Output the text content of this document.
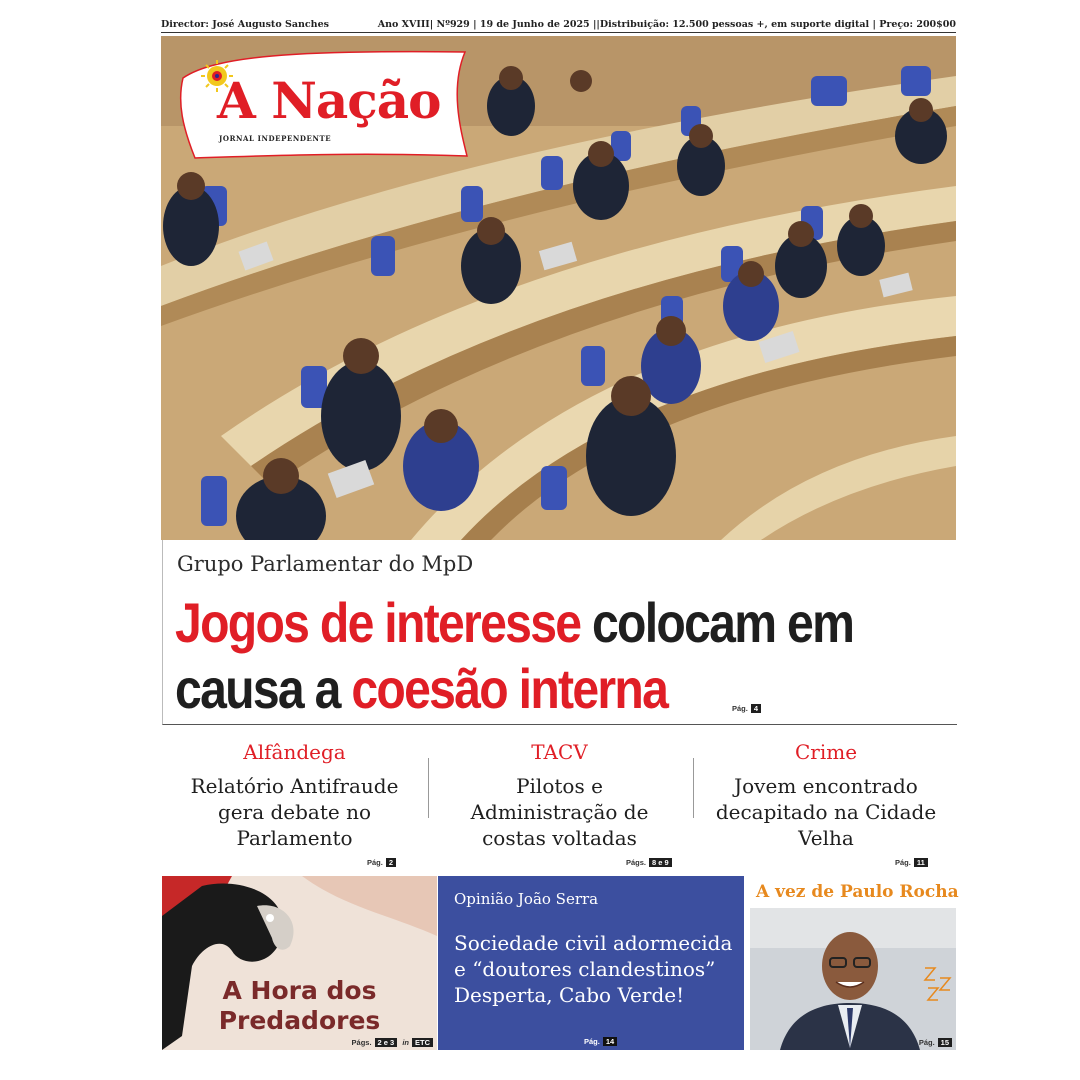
Director: José Augusto Sanches	Ano XVIII| Nº929 | 19 de Junho de 2025 ||Distribuição: 12.500 pessoas +, em suporte digital | Preço: 200$00
A Nação
JORNAL INDEPENDENTE
Grupo Parlamentar do MpD
Jogos de interesse colocam em
causa a coesão interna	Pág. 4
Alfândega
Relatório Antifraude gera debate no Parlamento
Pág. 2
TACV
Pilotos e Administração de costas voltadas
Págs. 8 e 9
Crime
Jovem encontrado decapitado na Cidade Velha
Pág. 11
A Hora dos
Predadores
Págs. 2 e 3 in ETC
Opinião João Serra
Sociedade civil adormecida e “doutores clandestinos” Desperta, Cabo Verde!
Pág. 14
A vez de Paulo Rocha
Pág. 15
